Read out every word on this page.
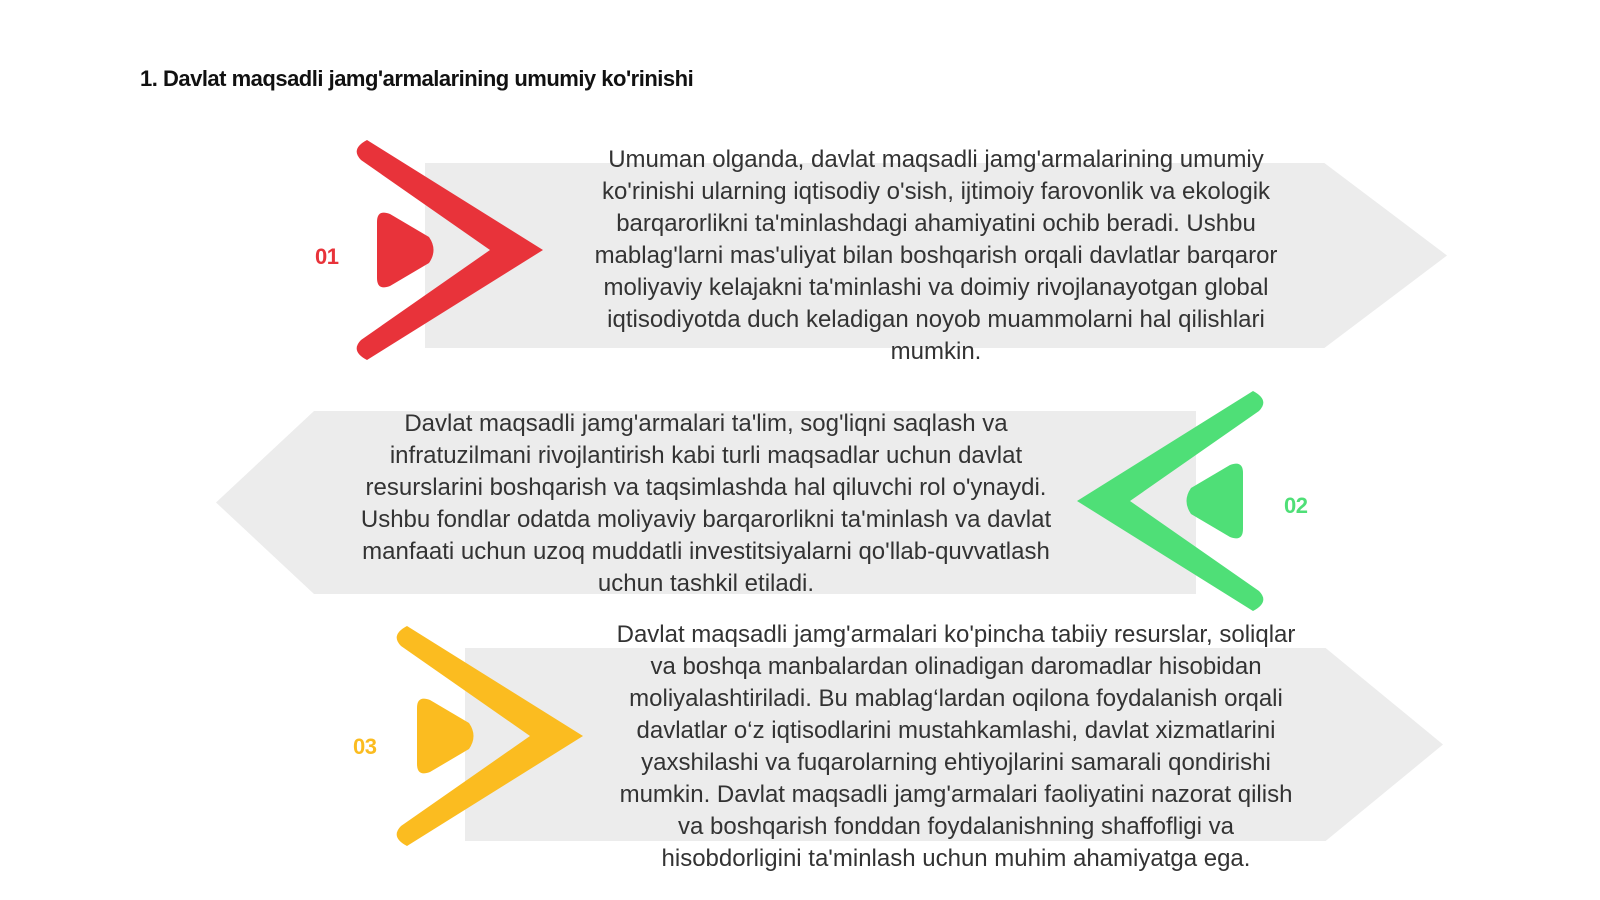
1. Davlat maqsadli jamg'armalarining umumiy ko'rinishi
01
Umuman olganda, davlat maqsadli jamg'armalarining umumiy
ko'rinishi ularning iqtisodiy o'sish, ijtimoiy farovonlik va ekologik
barqarorlikni ta'minlashdagi ahamiyatini ochib beradi. Ushbu
mablag'larni mas'uliyat bilan boshqarish orqali davlatlar barqaror
moliyaviy kelajakni ta'minlashi va doimiy rivojlanayotgan global
iqtisodiyotda duch keladigan noyob muammolarni hal qilishlari
mumkin.
02
Davlat maqsadli jamg'armalari ta'lim, sog'liqni saqlash va
infratuzilmani rivojlantirish kabi turli maqsadlar uchun davlat
resurslarini boshqarish va taqsimlashda hal qiluvchi rol o'ynaydi.
Ushbu fondlar odatda moliyaviy barqarorlikni ta'minlash va davlat
manfaati uchun uzoq muddatli investitsiyalarni qo'llab-quvvatlash
uchun tashkil etiladi.
03
Davlat maqsadli jamg'armalari ko'pincha tabiiy resurslar, soliqlar
va boshqa manbalardan olinadigan daromadlar hisobidan
moliyalashtiriladi. Bu mablag‘lardan oqilona foydalanish orqali
davlatlar o‘z iqtisodlarini mustahkamlashi, davlat xizmatlarini
yaxshilashi va fuqarolarning ehtiyojlarini samarali qondirishi
mumkin. Davlat maqsadli jamg'armalari faoliyatini nazorat qilish
va boshqarish fonddan foydalanishning shaffofligi va
hisobdorligini ta'minlash uchun muhim ahamiyatga ega.
